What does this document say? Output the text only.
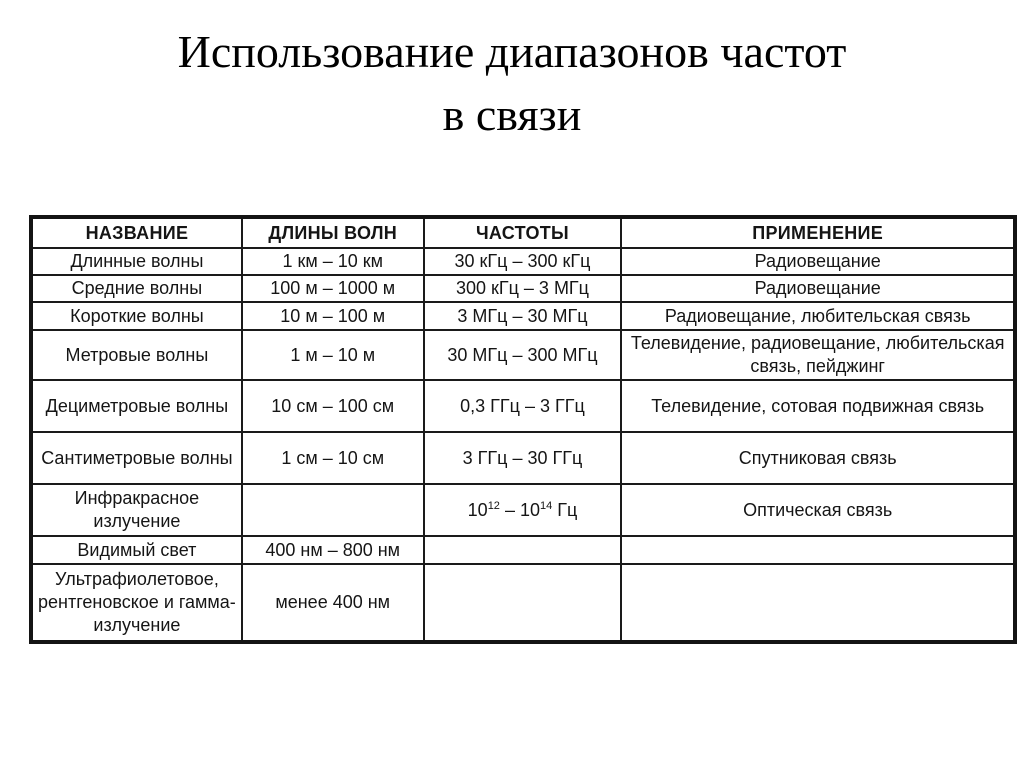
Использование диапазонов частот
в связи
НАЗВАНИЕ	ДЛИНЫ ВОЛН	ЧАСТОТЫ	ПРИМЕНЕНИЕ
Длинные волны	1 км – 10 км	30 кГц – 300 кГц	Радиовещание
Средние волны	100 м – 1000 м	300 кГц – 3 МГц	Радиовещание
Короткие волны	10 м – 100 м	3 МГц – 30 МГц	Радиовещание, любительская связь
Метровые волны	1 м – 10 м	30 МГц – 300 МГц	Телевидение, радиовещание, любительская связь, пейджинг
Дециметровые волны	10 см – 100 см	0,3 ГГц – 3 ГГц	Телевидение, сотовая подвижная связь
Сантиметровые волны	1 см – 10 см	3 ГГц – 30 ГГц	Спутниковая связь
Инфракрасное излучение		$10^{12} - 10^{14}$ Гц	Оптическая связь
Видимый свет	400 нм – 800 нм		
Ультрафиолетовое, рентгеновское и гамма-излучение	менее 400 нм		
